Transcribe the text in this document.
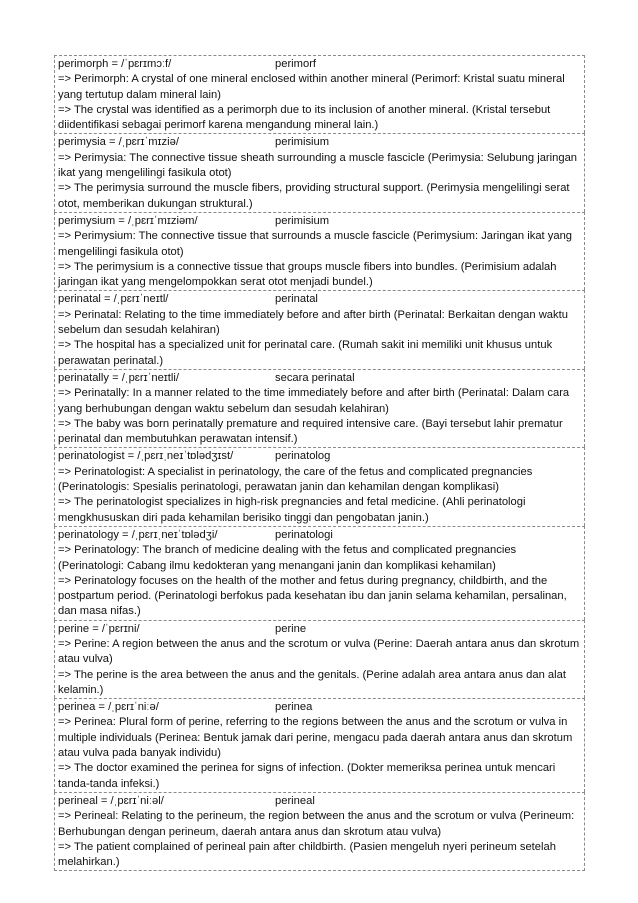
perimorph = /ˈpɛrɪmɔːf/	perimorf
=> Perimorph: A crystal of one mineral enclosed within another mineral (Perimorf: Kristal suatu mineral yang tertutup dalam mineral lain)
=> The crystal was identified as a perimorph due to its inclusion of another mineral. (Kristal tersebut diidentifikasi sebagai perimorf karena mengandung mineral lain.)
perimysia = /ˌpɛrɪˈmɪziə/	perimisium
=> Perimysia: The connective tissue sheath surrounding a muscle fascicle (Perimysia: Selubung jaringan ikat yang mengelilingi fasikula otot)
=> The perimysia surround the muscle fibers, providing structural support. (Perimysia mengelilingi serat otot, memberikan dukungan struktural.)
perimysium = /ˌpɛrɪˈmɪziəm/	perimisium
=> Perimysium: The connective tissue that surrounds a muscle fascicle (Perimysium: Jaringan ikat yang mengelilingi fasikula otot)
=> The perimysium is a connective tissue that groups muscle fibers into bundles. (Perimisium adalah jaringan ikat yang mengelompokkan serat otot menjadi bundel.)
perinatal = /ˌpɛrɪˈneɪtl/	perinatal
=> Perinatal: Relating to the time immediately before and after birth (Perinatal: Berkaitan dengan waktu sebelum dan sesudah kelahiran)
=> The hospital has a specialized unit for perinatal care. (Rumah sakit ini memiliki unit khusus untuk perawatan perinatal.)
perinatally = /ˌpɛrɪˈneɪtli/	secara perinatal
=> Perinatally: In a manner related to the time immediately before and after birth (Perinatal: Dalam cara yang berhubungan dengan waktu sebelum dan sesudah kelahiran)
=> The baby was born perinatally premature and required intensive care. (Bayi tersebut lahir prematur perinatal dan membutuhkan perawatan intensif.)
perinatologist = /ˌpɛrɪˌneɪˈtɒlədʒɪst/	perinatolog
=> Perinatologist: A specialist in perinatology, the care of the fetus and complicated pregnancies (Perinatologis: Spesialis perinatologi, perawatan janin dan kehamilan dengan komplikasi)
=> The perinatologist specializes in high-risk pregnancies and fetal medicine. (Ahli perinatologi mengkhususkan diri pada kehamilan berisiko tinggi dan pengobatan janin.)
perinatology = /ˌpɛrɪˌneɪˈtɒlədʒi/	perinatologi
=> Perinatology: The branch of medicine dealing with the fetus and complicated pregnancies (Perinatologi: Cabang ilmu kedokteran yang menangani janin dan komplikasi kehamilan)
=> Perinatology focuses on the health of the mother and fetus during pregnancy, childbirth, and the postpartum period. (Perinatologi berfokus pada kesehatan ibu dan janin selama kehamilan, persalinan, dan masa nifas.)
perine = /ˈpɛrɪni/	perine
=> Perine: A region between the anus and the scrotum or vulva (Perine: Daerah antara anus dan skrotum atau vulva)
=> The perine is the area between the anus and the genitals. (Perine adalah area antara anus dan alat kelamin.)
perinea = /ˌpɛrɪˈniːə/	perinea
=> Perinea: Plural form of perine, referring to the regions between the anus and the scrotum or vulva in multiple individuals (Perinea: Bentuk jamak dari perine, mengacu pada daerah antara anus dan skrotum atau vulva pada banyak individu)
=> The doctor examined the perinea for signs of infection. (Dokter memeriksa perinea untuk mencari tanda-tanda infeksi.)
perineal = /ˌpɛrɪˈniːəl/	perineal
=> Perineal: Relating to the perineum, the region between the anus and the scrotum or vulva (Perineum: Berhubungan dengan perineum, daerah antara anus dan skrotum atau vulva)
=> The patient complained of perineal pain after childbirth. (Pasien mengeluh nyeri perineum setelah melahirkan.)
